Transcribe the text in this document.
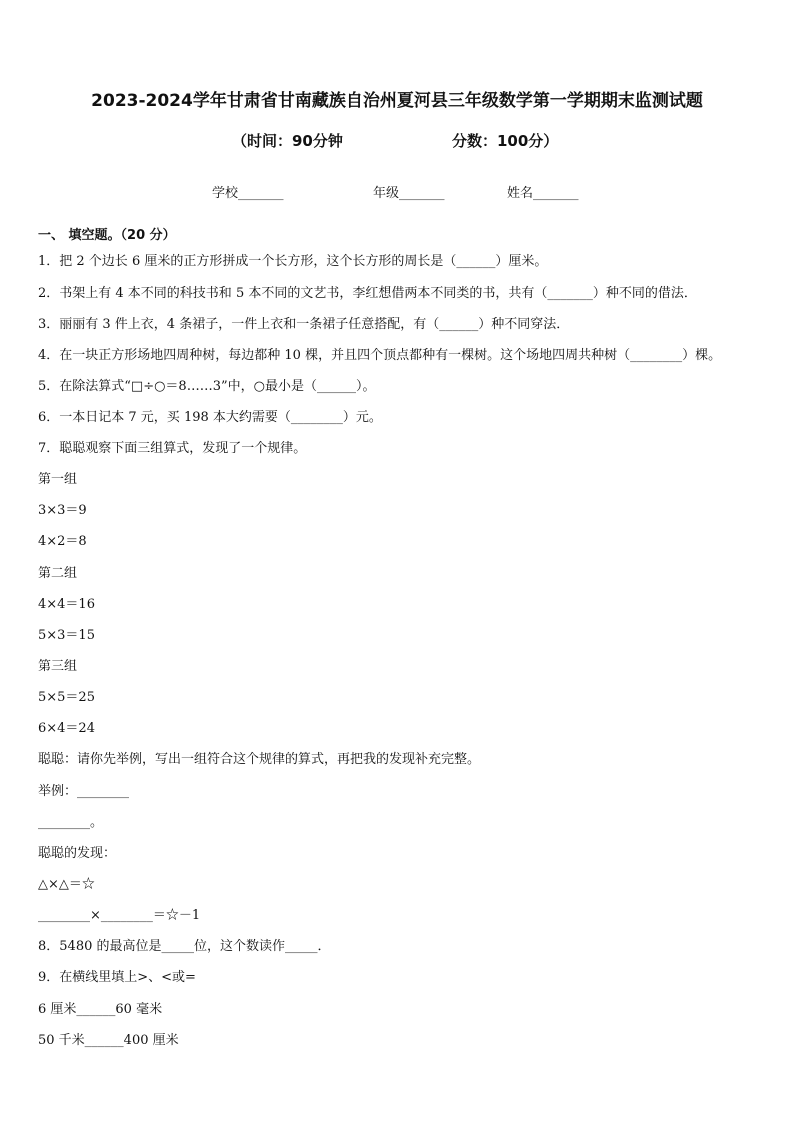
2023-2024学年甘肃省甘南藏族自治州夏河县三年级数学第一学期期末监测试题
（时间：90分钟	分数：100分）
学校_______	年级_______	姓名_______
一、 填空题。（20 分）
1．把 2 个边长 6 厘米的正方形拼成一个长方形，这个长方形的周长是（______）厘米。
2．书架上有 4 本不同的科技书和 5 本不同的文艺书，李红想借两本不同类的书，共有（_______）种不同的借法．
3．丽丽有 3 件上衣，4 条裙子，一件上衣和一条裙子任意搭配，有（______）种不同穿法．
4．在一块正方形场地四周种树，每边都种 10 棵，并且四个顶点都种有一棵树。这个场地四周共种树（________）棵。
5．在除法算式“□÷○＝8……3”中，○最小是（______）。
6．一本日记本 7 元，买 198 本大约需要（________）元。
7．聪聪观察下面三组算式，发现了一个规律。
第一组
3×3＝9
4×2＝8
第二组
4×4＝16
5×3＝15
第三组
5×5＝25
6×4＝24
聪聪：请你先举例，写出一组符合这个规律的算式，再把我的发现补充完整。
举例：________
________。
聪聪的发现：
△×△＝☆
________×________＝☆－1
8．5480 的最高位是_____位，这个数读作_____．
9．在横线里填上>、<或=
6 厘米______60 毫米
50 千米______400 厘米
